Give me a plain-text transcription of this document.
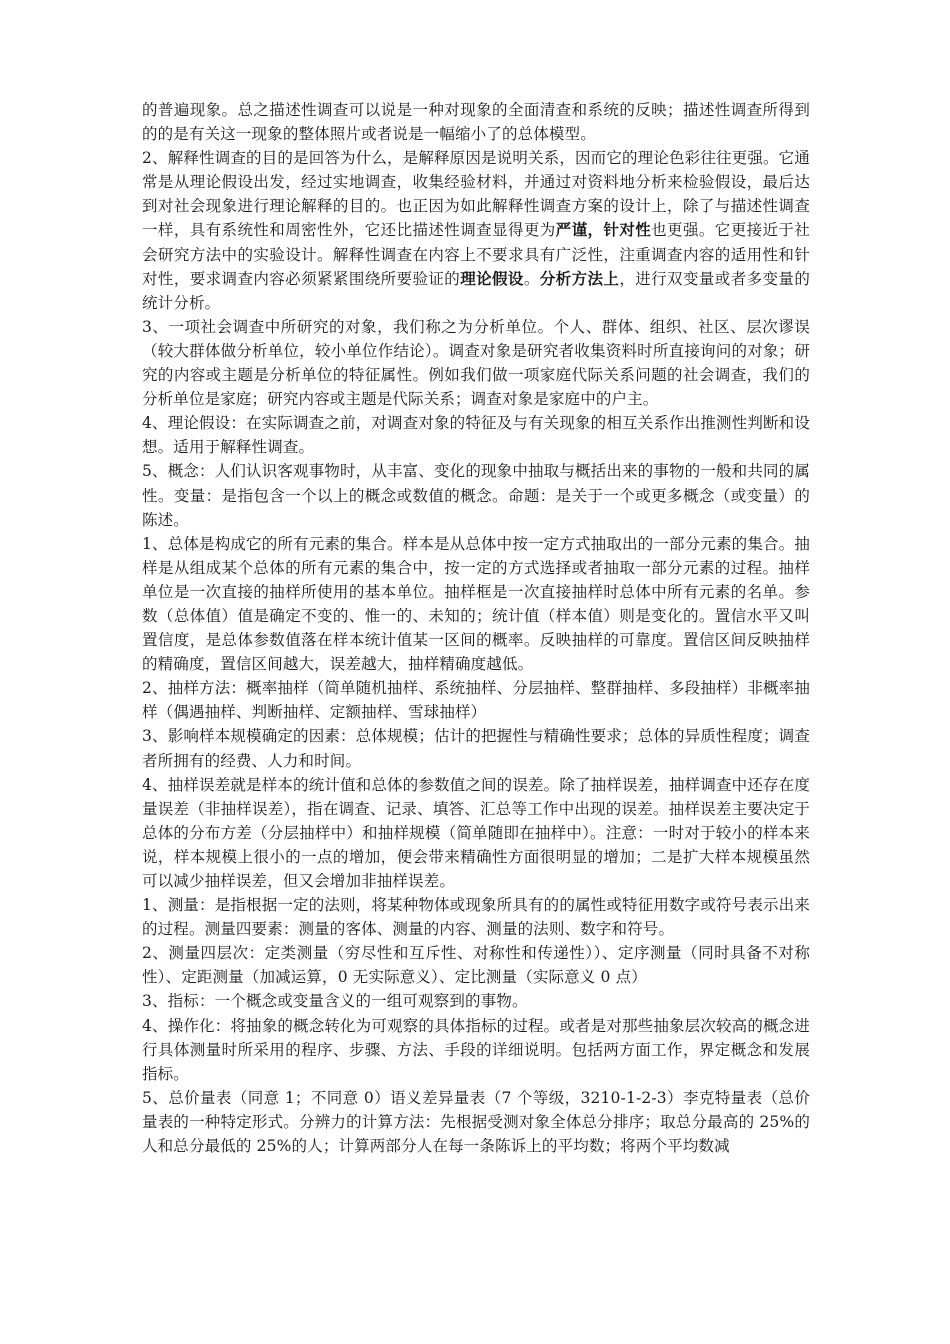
的普遍现象。总之描述性调查可以说是一种对现象的全面清查和系统的反映；描述性调查所得到的的是有关这一现象的整体照片或者说是一幅缩小了的总体模型。

2、解释性调查的目的是回答为什么，是解释原因是说明关系，因而它的理论色彩往往更强。它通常是从理论假设出发，经过实地调查，收集经验材料，并通过对资料地分析来检验假设，最后达到对社会现象进行理论解释的目的。也正因为如此解释性调查方案的设计上，除了与描述性调查一样，具有系统性和周密性外，它还比描述性调查显得更为严谨，针对性也更强。它更接近于社会研究方法中的实验设计。解释性调查在内容上不要求具有广泛性，注重调查内容的适用性和针对性，要求调查内容必须紧紧围绕所要验证的理论假设。分析方法上，进行双变量或者多变量的统计分析。

3、一项社会调查中所研究的对象，我们称之为分析单位。个人、群体、组织、社区、层次谬误（较大群体做分析单位，较小单位作结论）。调查对象是研究者收集资料时所直接询问的对象；研究的内容或主题是分析单位的特征属性。例如我们做一项家庭代际关系问题的社会调查，我们的 分析单位是家庭；研究内容或主题是代际关系；调查对象是家庭中的户主。

4、理论假设：在实际调查之前，对调查对象的特征及与有关现象的相互关系作出推测性判断和设想。适用于解释性调查。

5、概念：人们认识客观事物时，从丰富、变化的现象中抽取与概括出来的事物的一般和共同的属性。变量：是指包含一个以上的概念或数值的概念。命题：是关于一个或更多概念（或变量）的陈述。

1、总体是构成它的所有元素的集合。样本是从总体中按一定方式抽取出的一部分元素的集合。抽样是从组成某个总体的所有元素的集合中，按一定的方式选择或者抽取一部分元素的过程。抽样单位是一次直接的抽样所使用的基本单位。抽样框是一次直接抽样时总体中所有元素的名单。参数（总体值）值是确定不变的、惟一的、未知的；统计值（样本值）则是变化的。置信水平又叫置信度，是总体参数值落在样本统计值某一区间的概率。反映抽样的可靠度。置信区间反映抽样的精确度，置信区间越大，误差越大，抽样精确度越低。

2、抽样方法：概率抽样（简单随机抽样、系统抽样、分层抽样、整群抽样、多段抽样）非概率抽样（偶遇抽样、判断抽样、定额抽样、雪球抽样）

3、影响样本规模确定的因素：总体规模；估计的把握性与精确性要求；总体的异质性程度；调查者所拥有的经费、人力和时间。

4、抽样误差就是样本的统计值和总体的参数值之间的误差。除了抽样误差，抽样调查中还存在度量误差（非抽样误差），指在调查、记录、填答、汇总等工作中出现的误差。抽样误差主要决定于总体的分布方差（分层抽样中）和抽样规模（简单随即在抽样中）。注意：一时对于较小的样本来说，样本规模上很小的一点的增加，便会带来精确性方面很明显的增加；二是扩大样本规模虽然可以减少抽样误差，但又会增加非抽样误差。

1、测量：是指根据一定的法则，将某种物体或现象所具有的的属性或特征用数字或符号表示出来的过程。测量四要素：测量的客体、测量的内容、测量的法则、数字和符号。

2、测量四层次：定类测量（穷尽性和互斥性、对称性和传递性））、定序测量（同时具备不对称性）、定距测量（加减运算，0 无实际意义）、定比测量（实际意义 0 点）

3、指标：一个概念或变量含义的一组可观察到的事物。

4、操作化：将抽象的概念转化为可观察的具体指标的过程。或者是对那些抽象层次较高的概念进行具体测量时所采用的程序、步骤、方法、手段的详细说明。包括两方面工作，界定概念和发展指标。

5、总价量表（同意 1；不同意 0）语义差异量表（7 个等级，3210-1-2-3）李克特量表（总价量表的一种特定形式。分辨力的计算方法：先根据受测对象全体总分排序；取总分最高的 25%的人和总分最低的 25%的人；计算两部分人在每一条陈诉上的平均数；将两个平均数减
